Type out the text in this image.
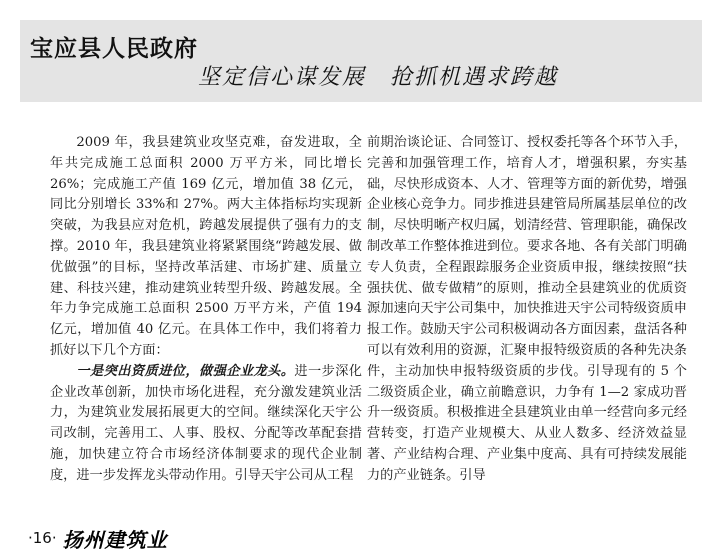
宝应县人民政府
坚定信心谋发展　抢抓机遇求跨越

2009 年，我县建筑业攻坚克难，奋发进取，全年共完成施工总面积 2000 万平方米，同比增长 26%；完成施工产值 169 亿元，增加值 38 亿元，同比分别增长 33%和 27%。两大主体指标均实现新突破，为我县应对危机，跨越发展提供了强有力的支撑。2010 年，我县建筑业将紧紧围绕“跨越发展、做优做强”的目标，坚持改革活建、市场扩建、质量立建、科技兴建，推动建筑业转型升级、跨越发展。全年力争完成施工总面积 2500 万平方米，产值 194 亿元，增加值 40 亿元。在具体工作中，我们将着力抓好以下几个方面：

一是突出资质进位，做强企业龙头。进一步深化企业改革创新，加快市场化进程，充分激发建筑业活力，为建筑业发展拓展更大的空间。继续深化天宇公司改制，完善用工、人事、股权、分配等改革配套措施，加快建立符合市场经济体制要求的现代企业制度，进一步发挥龙头带动作用。引导天宇公司从工程

前期治谈论证、合同签订、授权委托等各个环节入手，完善和加强管理工作，培育人才，增强积累，夯实基础，尽快形成资本、人才、管理等方面的新优势，增强企业核心竞争力。同步推进县建管局所属基层单位的改制，尽快明晰产权归属，划清经营、管理职能，确保改制改革工作整体推进到位。要求各地、各有关部门明确专人负责，全程跟踪服务企业资质申报，继续按照“扶强扶优、做专做精”的原则，推动全县建筑业的优质资源加速向天宇公司集中，加快推进天宇公司特级资质申报工作。鼓励天宇公司积极调动各方面因素，盘活各种可以有效利用的资源，汇聚申报特级资质的各种先决条件，主动加快申报特级资质的步伐。引导现有的 5 个二级资质企业，确立前瞻意识，力争有 1—2 家成功晋升一级资质。积极推进全县建筑业由单一经营向多元经营转变，打造产业规模大、从业人数多、经济效益显著、产业结构合理、产业集中度高、具有可持续发展能力的产业链条。引导

·16· 扬州建筑业
